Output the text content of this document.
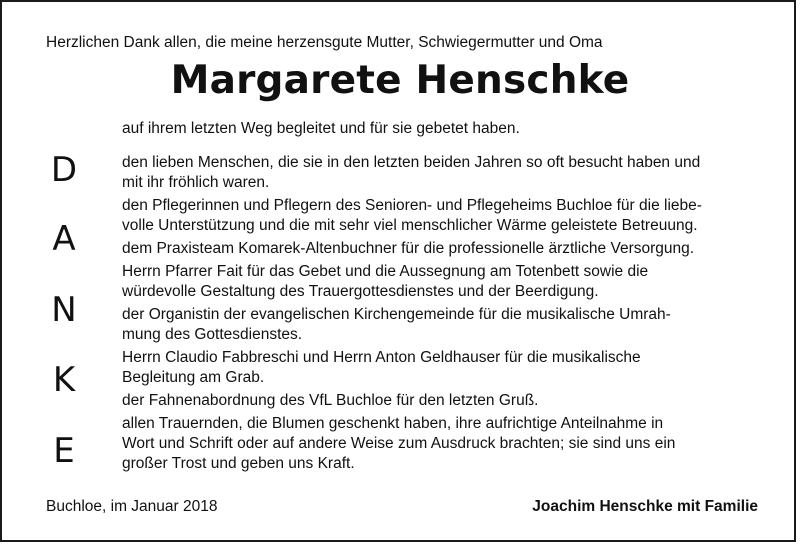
Herzlichen Dank allen, die meine herzensgute Mutter, Schwiegermutter und Oma
Margarete Henschke
auf ihrem letzten Weg begleitet und für sie gebetet haben.
D
A
N
K
E
den lieben Menschen, die sie in den letzten beiden Jahren so oft besucht haben und
mit ihr fröhlich waren.
den Pflegerinnen und Pflegern des Senioren- und Pflegeheims Buchloe für die liebe-
volle Unterstützung und die mit sehr viel menschlicher Wärme geleistete Betreuung.
dem Praxisteam Komarek-Altenbuchner für die professionelle ärztliche Versorgung.
Herrn Pfarrer Fait für das Gebet und die Aussegnung am Totenbett sowie die
würdevolle Gestaltung des Trauergottesdienstes und der Beerdigung.
der Organistin der evangelischen Kirchengemeinde für die musikalische Umrah-
mung des Gottesdienstes.
Herrn Claudio Fabbreschi und Herrn Anton Geldhauser für die musikalische
Begleitung am Grab.
der Fahnenabordnung des VfL Buchloe für den letzten Gruß.
allen Trauernden, die Blumen geschenkt haben, ihre aufrichtige Anteilnahme in
Wort und Schrift oder auf andere Weise zum Ausdruck brachten; sie sind uns ein
großer Trost und geben uns Kraft.
Buchloe, im Januar 2018	Joachim Henschke mit Familie
